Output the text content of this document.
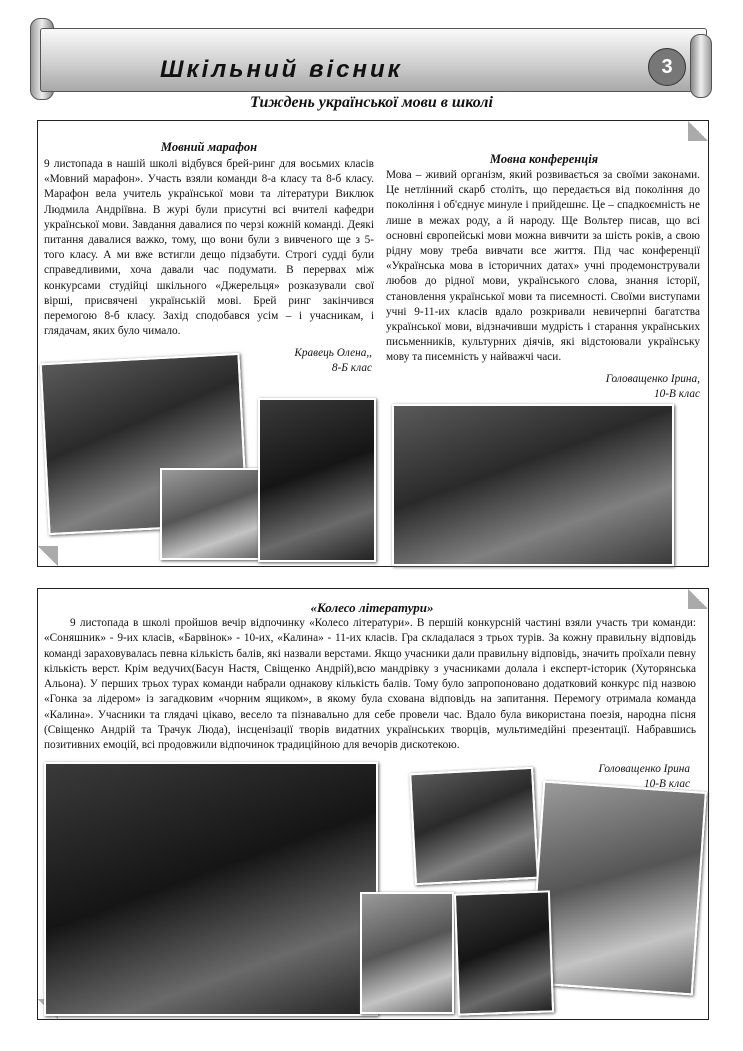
Шкільний вісник	3
Тиждень української мови в школі
Мовний марафон
9 листопада в нашій школі відбувся брей-ринг для восьмих класів «Мовний марафон». Участь взяли команди 8-а класу та 8-б класу. Марафон вела учитель української мови та літератури Виклюк Людмила Андріївна. В журі були присутні всі вчителі кафедри української мови. Завдання давалися по черзі кожній команді. Деякі питання давалися важко, тому, що вони були з вивченого ще з 5-того класу. А ми вже встигли дещо підзабути. Строгі судді були справедливими, хоча давали час подумати. В перервах між конкурсами студійці шкільного «Джерельця» розказували свої вірші, присвячені українській мові. Брей ринг закінчився перемогою 8-б класу. Захід сподобався усім – і учасникам, і глядачам, яких було чимало.
Кравець Олена,,
8-Б клас
Мовна конференція
Мова – живий організм, який розвивається за своїми законами. Це нетлінний скарб століть, що передається від покоління до покоління і об'єднує минуле і прийдешнє. Це – спадкоємність не лише в межах роду, а й народу. Ще Вольтер писав, що всі основні європейські мови можна вивчити за шість років, а свою рідну мову треба вивчати все життя. Під час конференції «Українська мова в історичних датах» учні продемонстрували любов до рідної мови, українського слова, знання історії, становлення української мови та писемності. Своїми виступами учні 9-11-их класів вдало розкривали невичерпні багатства української мови, відзначивши мудрість і старання українських письменників, культурних діячів, які відстоювали українську мову та писемність у найважчі часи.
Головащенко Ірина,
10-В клас
«Колесо літератури»
9 листопада в школі пройшов вечір відпочинку «Колесо літератури». В першій конкурсній частині взяли участь три команди: «Соняшник» - 9-их класів, «Барвінок» - 10-их, «Калина» - 11-их класів. Гра складалася з трьох турів. За кожну правильну відповідь команді зараховувалась певна кількість балів, які назвали верстами. Якщо учасники дали правильну відповідь, значить проїхали певну кількість верст. Крім ведучих(Басун Настя, Свіщенко Андрій),всю мандрівку з учасниками долала і експерт-історик (Хуторянська Альона). У перших трьох турах команди набрали однакову кількість балів. Тому було запропоновано додатковий конкурс під назвою «Гонка за лідером» із загадковим «чорним ящиком», в якому була схована відповідь на запитання. Перемогу отримала команда «Калина». Учасники та глядачі цікаво, весело та пізнавально для себе провели час. Вдало була використана поезія, народна пісня (Свіщенко Андрій та Трачук Люда), інсценізації творів видатних українських творців, мультимедійні презентації. Набравшись позитивних емоцій, всі продовжили відпочинок традиційною для вечорів дискотекою.
Головащенко Ірина
10-В клас
